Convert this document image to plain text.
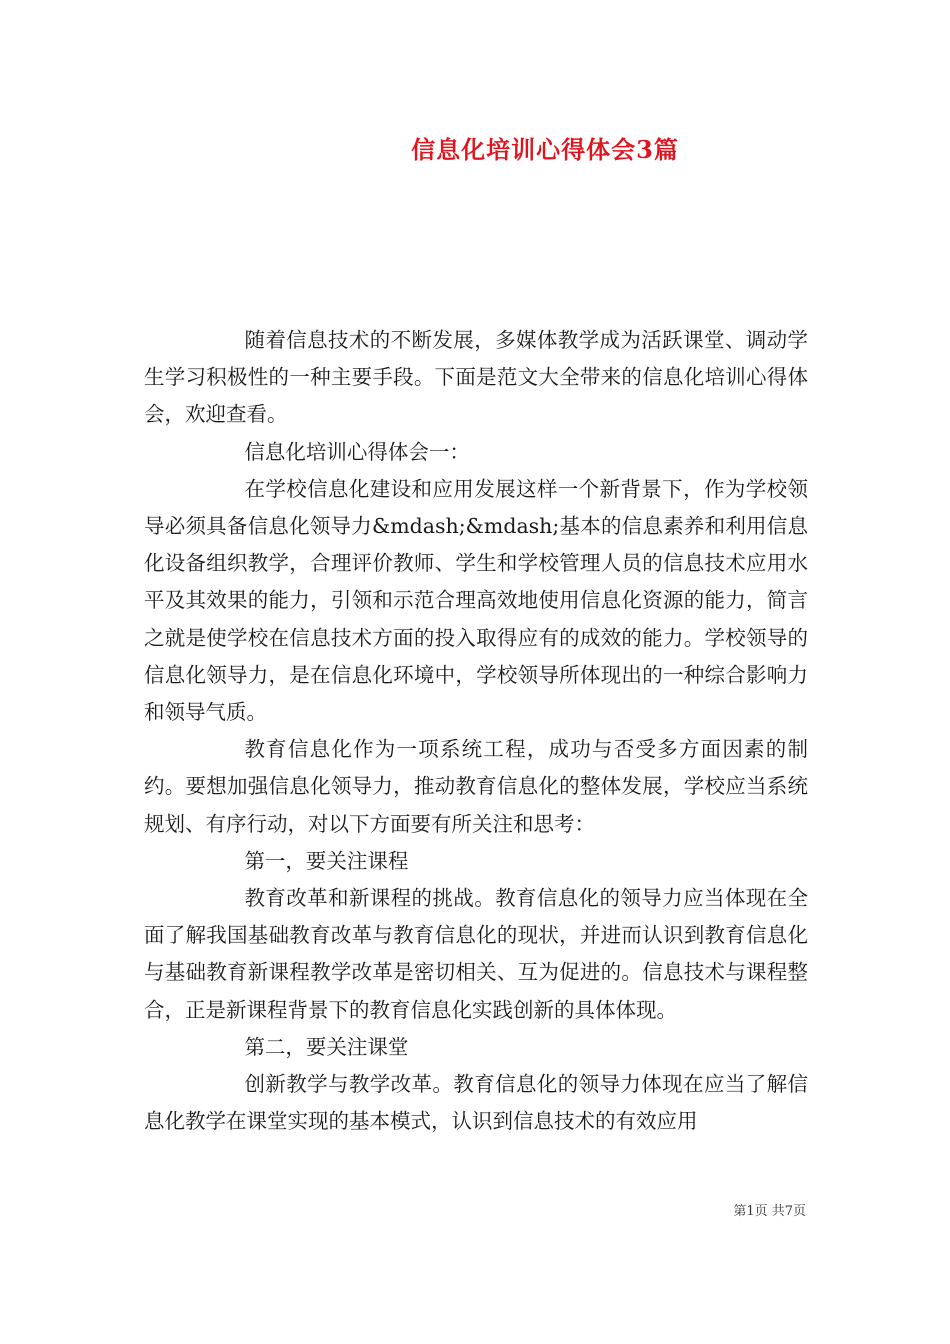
信息化培训心得体会3篇

随着信息技术的不断发展，多媒体教学成为活跃课堂、调动学生学习积极性的一种主要手段。下面是范文大全带来的信息化培训心得体会，欢迎查看。

信息化培训心得体会一：

在学校信息化建设和应用发展这样一个新背景下，作为学校领导必须具备信息化领导力&mdash;&mdash;基本的信息素养和利用信息化设备组织教学，合理评价教师、学生和学校管理人员的信息技术应用水平及其效果的能力，引领和示范合理高效地使用信息化资源的能力，简言之就是使学校在信息技术方面的投入取得应有的成效的能力。学校领导的信息化领导力，是在信息化环境中，学校领导所体现出的一种综合影响力和领导气质。

教育信息化作为一项系统工程，成功与否受多方面因素的制约。要想加强信息化领导力，推动教育信息化的整体发展，学校应当系统规划、有序行动，对以下方面要有所关注和思考：

第一，要关注课程

教育改革和新课程的挑战。教育信息化的领导力应当体现在全面了解我国基础教育改革与教育信息化的现状，并进而认识到教育信息化与基础教育新课程教学改革是密切相关、互为促进的。信息技术与课程整合，正是新课程背景下的教育信息化实践创新的具体体现。

第二，要关注课堂

创新教学与教学改革。教育信息化的领导力体现在应当了解信息化教学在课堂实现的基本模式，认识到信息技术的有效应用

第1页 共7页
